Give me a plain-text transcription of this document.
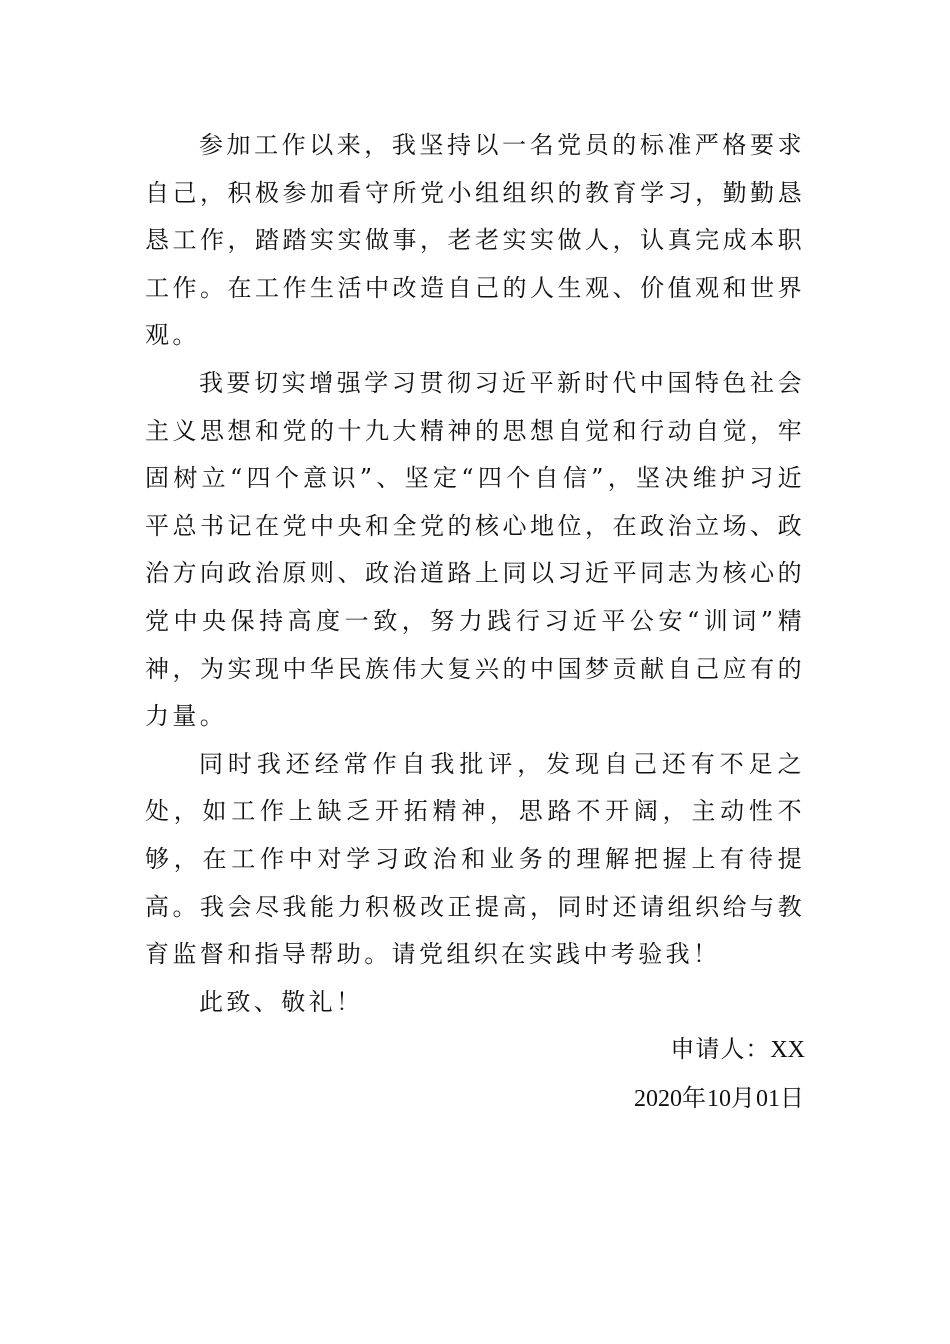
参加工作以来，我坚持以一名党员的标准严格要求自己，积极参加看守所党小组组织的教育学习，勤勤恳恳工作，踏踏实实做事，老老实实做人，认真完成本职工作。在工作生活中改造自己的人生观、价值观和世界观。

我要切实增强学习贯彻习近平新时代中国特色社会主义思想和党的十九大精神的思想自觉和行动自觉，牢固树立“四个意识”、坚定“四个自信”，坚决维护习近平总书记在党中央和全党的核心地位，在政治立场、政治方向政治原则、政治道路上同以习近平同志为核心的党中央保持高度一致，努力践行习近平公安“训词”精神，为实现中华民族伟大复兴的中国梦贡献自己应有的力量。

同时我还经常作自我批评，发现自己还有不足之处，如工作上缺乏开拓精神，思路不开阔，主动性不够，在工作中对学习政治和业务的理解把握上有待提高。我会尽我能力积极改正提高，同时还请组织给与教育监督和指导帮助。请党组织在实践中考验我！

此致、敬礼！

申请人：XX

2020年10月01日
